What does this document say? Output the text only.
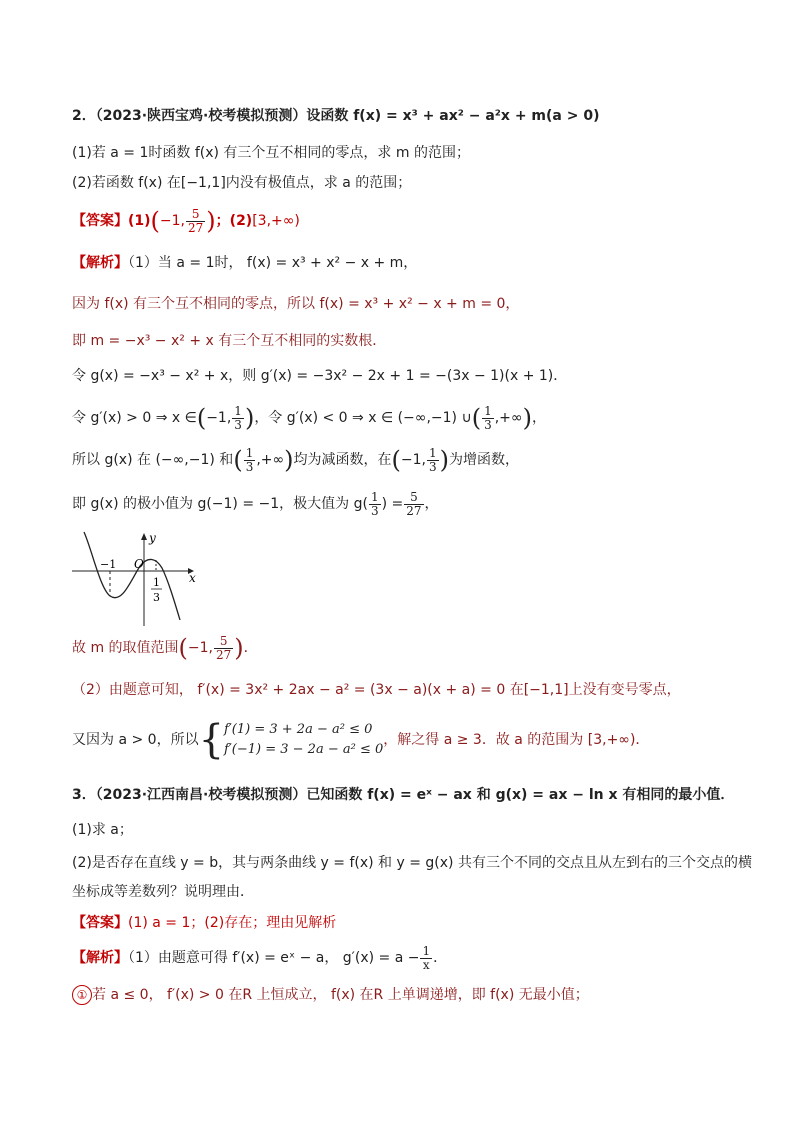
2．（2023·陕西宝鸡·校考模拟预测）设函数 f(x) = x³ + ax² − a²x + m(a > 0)
(1)若 a = 1时函数 f(x) 有三个互不相同的零点，求 m 的范围；
(2)若函数 f(x) 在[−1,1]内没有极值点，求 a 的范围；
【答案】(1)(−1, $\frac{5}{27}$ )；(2)[3,+∞)
【解析】（1）当 a = 1时， f(x) = x³ + x² − x + m，
因为 f(x) 有三个互不相同的零点，所以 f(x) = x³ + x² − x + m = 0，
即 m = −x³ − x² + x 有三个互不相同的实数根．
令 g(x) = −x³ − x² + x，则 g′(x) = −3x² − 2x + 1 = −(3x − 1)(x + 1)．
令 g′(x) > 0 ⇒ x ∈(−1, $\frac{1}{3}$ )，令 g′(x) < 0 ⇒ x ∈ (−∞,−1) ∪( $\frac{1}{3}$ ,+∞)，
所以 g(x) 在 (−∞,−1) 和( $\frac{1}{3}$ ,+∞)均为减函数，在(−1, $\frac{1}{3}$ )为增函数，
即 g(x) 的极小值为 g(−1) = −1，极大值为 $g( \frac{1}{3}$ ) = $\frac{5}{27}$ ，
y
x
O
−1
1
3
故 m 的取值范围(−1, $\frac{5}{27}$ )．
（2）由题意可知， f′(x) = 3x² + 2ax − a² = (3x − a)(x + a) = 0 在[−1,1]上没有变号零点，
又因为 a > 0，所以{ f′(1) = 3 + 2a − a² ≤ 0
f′(−1) = 3 − 2a − a² ≤ 0
，解之得 a ≥ 3．故 a 的范围为 [3,+∞)．
3．（2023·江西南昌·校考模拟预测）已知函数 f(x) = eˣ − ax 和 g(x) = ax − ln x 有相同的最小值．
(1)求 a；
(2)是否存在直线 y = b，其与两条曲线 y = f(x) 和 y = g(x) 共有三个不同的交点且从左到右的三个交点的横
坐标成等差数列？说明理由．
【答案】(1) a = 1；(2)存在；理由见解析
【解析】（1）由题意可得 f′(x) = eˣ − a， $g'(x) = a - \frac{1}{x}$ ．
① 若 a ≤ 0， f′(x) > 0 在R 上恒成立， f(x) 在R 上单调递增，即 f(x) 无最小值；
